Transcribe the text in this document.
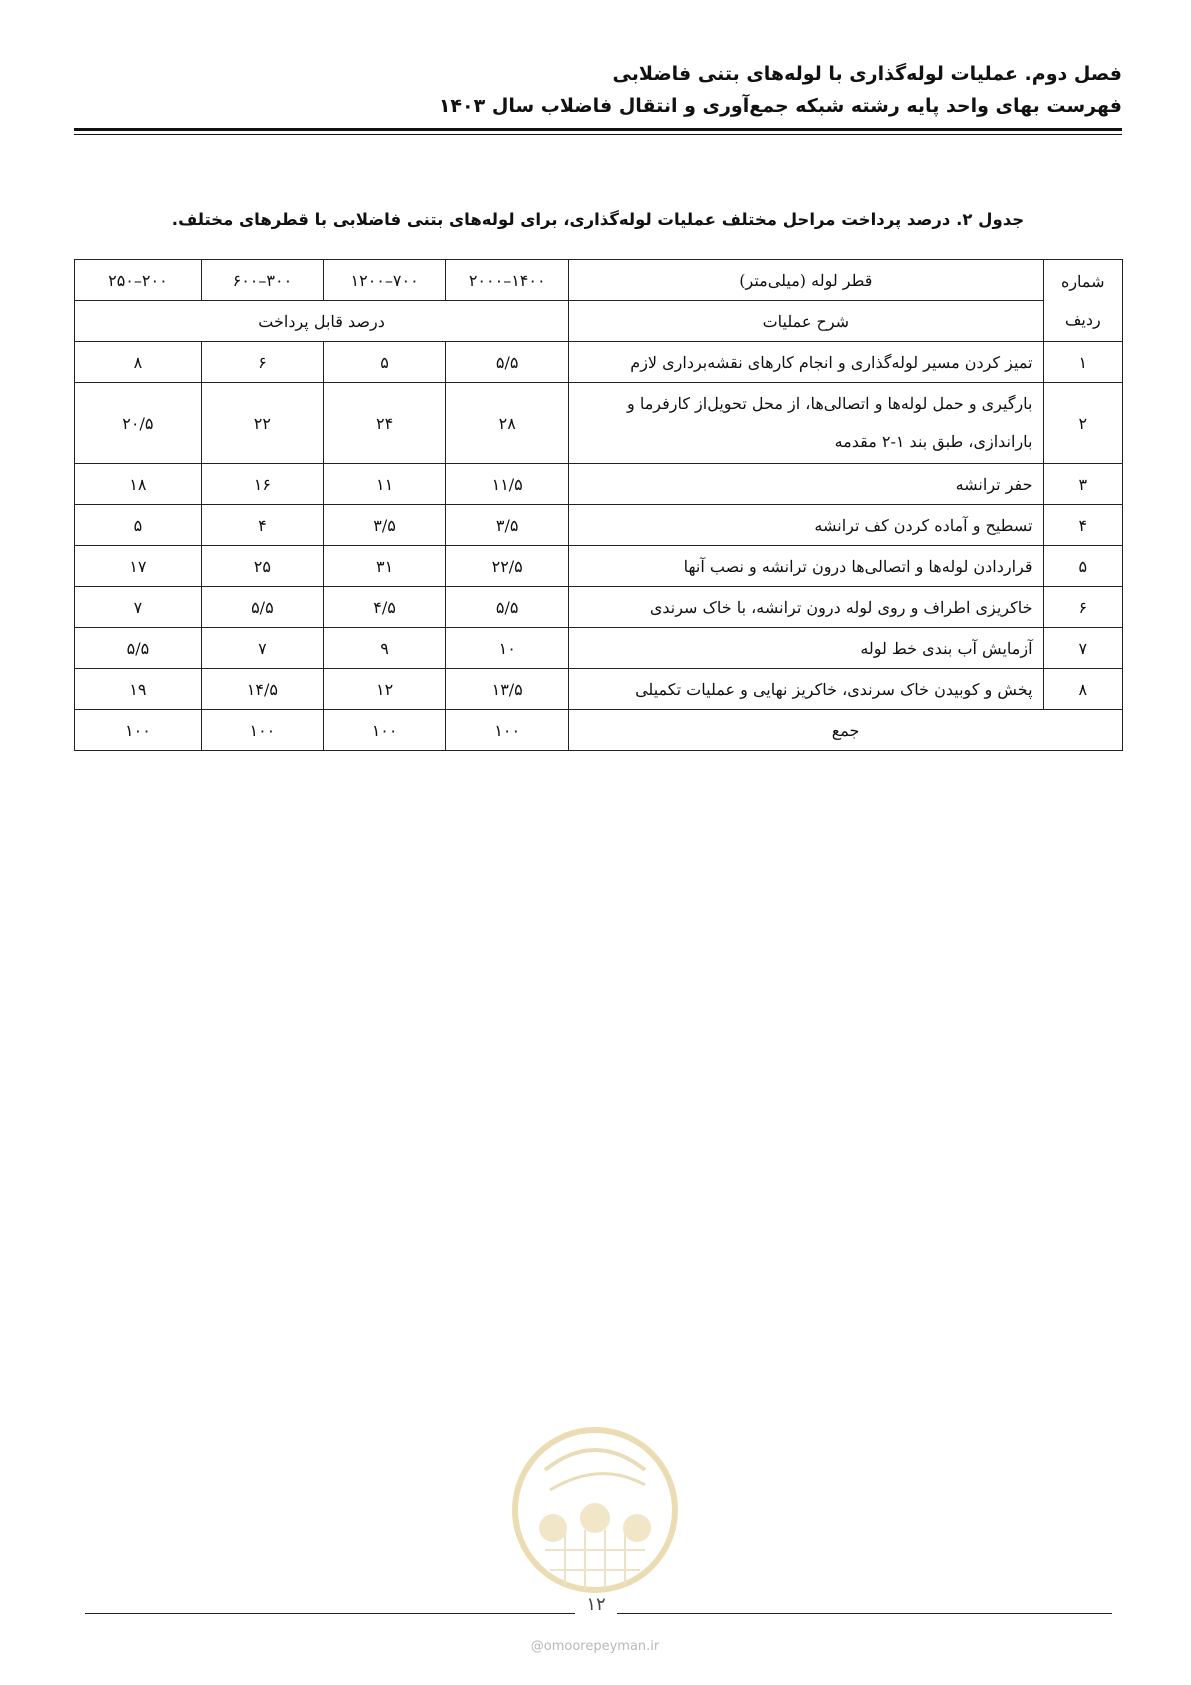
فصل دوم. عملیات لوله‌گذاری با لوله‌های بتنی فاضلابی
فهرست بهای واحد پایه رشته شبکه جمع‌آوری و انتقال فاضلاب سال ۱۴۰۳
جدول ۲. درصد پرداخت مراحل مختلف عملیات لوله‌گذاری، برای لوله‌های بتنی فاضلابی با قطرهای مختلف.
شماره
ردیف	قطر لوله (میلی‌متر)	۱۴۰۰–۲۰۰۰	۷۰۰–۱۲۰۰	۳۰۰–۶۰۰	۲۰۰–۲۵۰
	شرح عملیات	درصد قابل پرداخت			
۱	تمیز کردن مسیر لوله‌گذاری و انجام کارهای نقشه‌برداری لازم	۵/۵	۵	۶	۸
۲	بارگیری و حمل لوله‌ها و اتصالی‌ها، از محل تحویل‌از کارفرما و باراندازی، طبق بند ۱-۲ مقدمه	۲۸	۲۴	۲۲	۲۰/۵
۳	حفر ترانشه	۱۱/۵	۱۱	۱۶	۱۸
۴	تسطیح و آماده کردن کف ترانشه	۳/۵	۳/۵	۴	۵
۵	قراردادن لوله‌ها و اتصالی‌ها درون ترانشه و نصب آنها	۲۲/۵	۳۱	۲۵	۱۷
۶	خاکریزی اطراف و روی لوله درون ترانشه، با خاک سرندی	۵/۵	۴/۵	۵/۵	۷
۷	آزمایش آب بندی خط لوله	۱۰	۹	۷	۵/۵
۸	پخش و کوبیدن خاک سرندی، خاکریز نهایی و عملیات تکمیلی	۱۳/۵	۱۲	۱۴/۵	۱۹
جمع		۱۰۰	۱۰۰	۱۰۰	۱۰۰
۱۲
@omoorepeyman.ir
